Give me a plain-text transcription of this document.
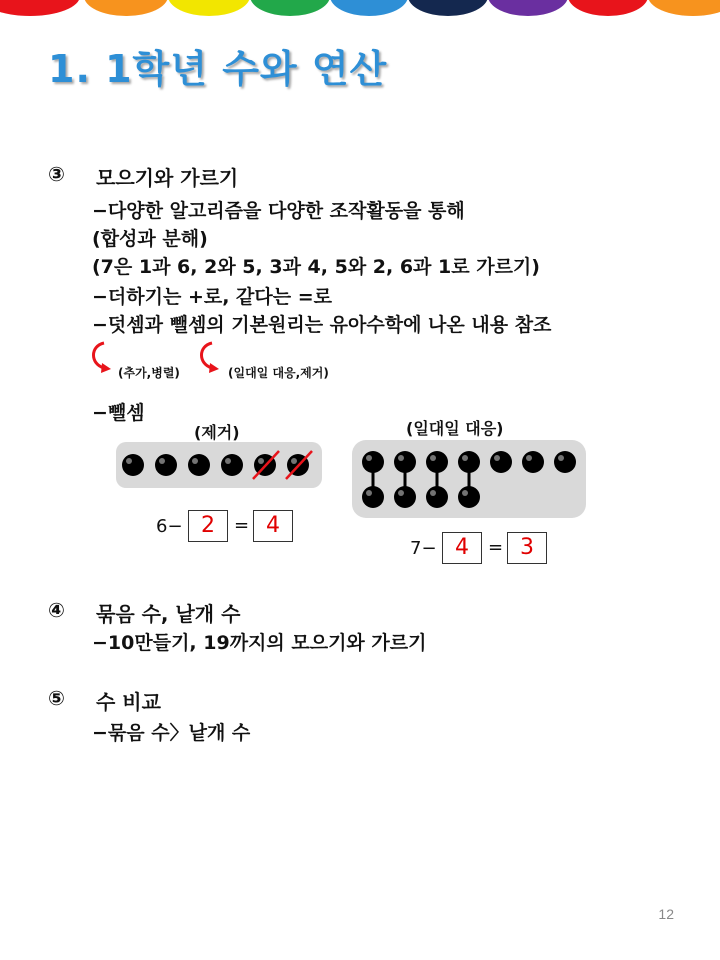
1. 1학년 수와 연산
③ 모으기와 가르기
−다양한 알고리즘을 다양한 조작활동을 통해
(합성과 분해)
(7은 1과 6, 2와 5, 3과 4, 5와 2, 6과 1로 가르기)
−더하기는 +로, 같다는 =로
−덧셈과 뺄셈의 기본원리는 유아수학에 나온 내용 참조
(추가,병렬)	(일대일 대응,제거)
−뺄셈
(제거)
6− 2	= 4
(일대일 대응)
7− 4	= 3
④ 묶음 수, 낱개 수
−10만들기, 19까지의 모으기와 가르기
⑤ 수 비교
−묶음 수〉낱개 수
12
